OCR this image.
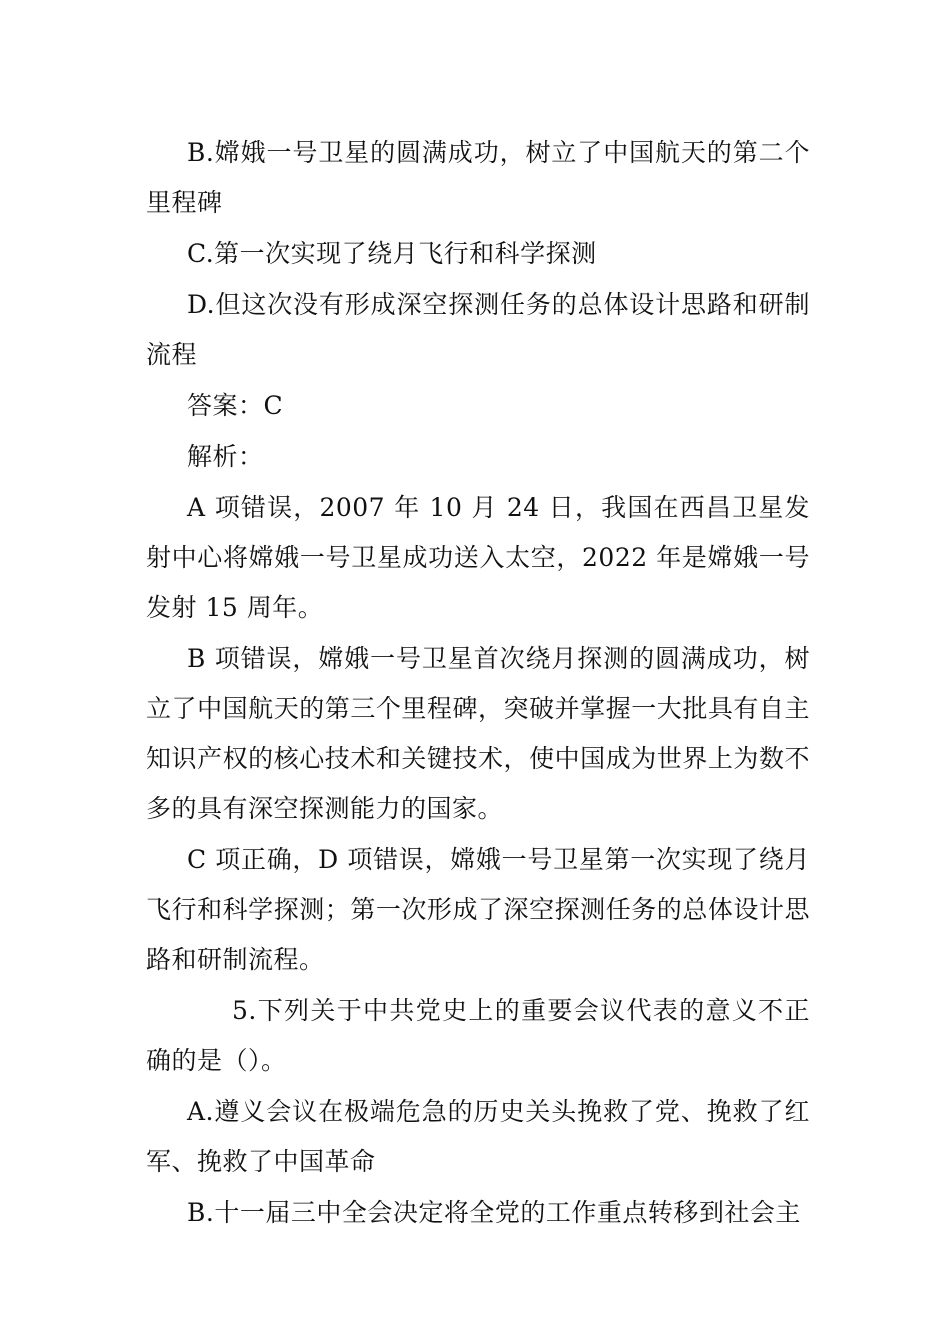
B.嫦娥一号卫星的圆满成功，树立了中国航天的第二个里程碑

C.第一次实现了绕月飞行和科学探测

D.但这次没有形成深空探测任务的总体设计思路和研制流程

答案：C

解析：

A 项错误，2007 年 10 月 24 日，我国在西昌卫星发射中心将嫦娥一号卫星成功送入太空，2022 年是嫦娥一号发射 15 周年。

B 项错误，嫦娥一号卫星首次绕月探测的圆满成功，树立了中国航天的第三个里程碑，突破并掌握一大批具有自主知识产权的核心技术和关键技术，使中国成为世界上为数不多的具有深空探测能力的国家。

C 项正确，D 项错误，嫦娥一号卫星第一次实现了绕月飞行和科学探测；第一次形成了深空探测任务的总体设计思路和研制流程。

5.下列关于中共党史上的重要会议代表的意义不正确的是（）。

A.遵义会议在极端危急的历史关头挽救了党、挽救了红军、挽救了中国革命

B.十一届三中全会决定将全党的工作重点转移到社会主
